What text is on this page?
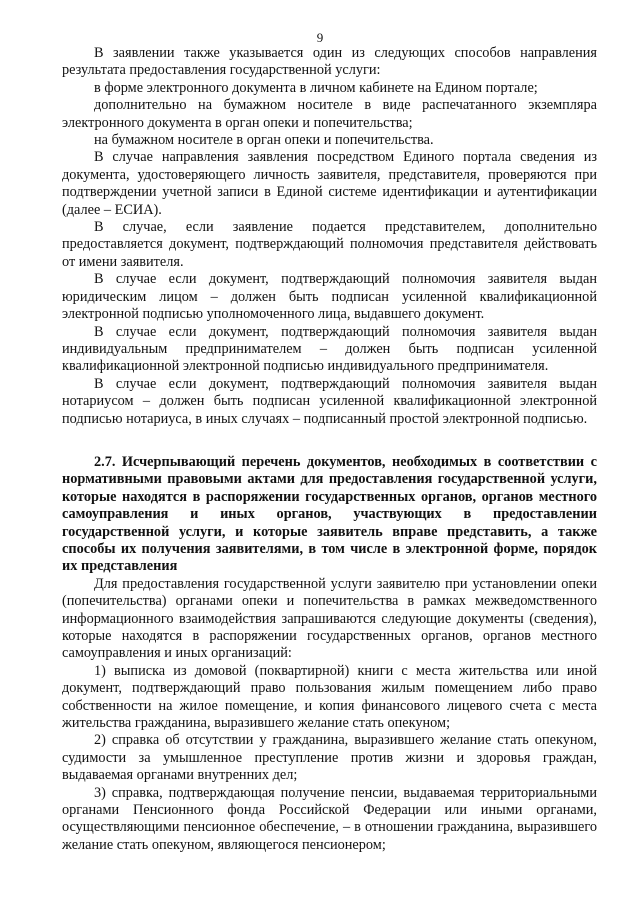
9

В заявлении также указывается один из следующих способов направления результата предоставления государственной услуги:

в форме электронного документа в личном кабинете на Едином портале;

дополнительно на бумажном носителе в виде распечатанного экземпляра электронного документа в орган опеки и попечительства;

на бумажном носителе в орган опеки и попечительства.

В случае направления заявления посредством Единого портала сведения из документа, удостоверяющего личность заявителя, представителя, проверяются при подтверждении учетной записи в Единой системе идентификации и аутентификации (далее – ЕСИА).

В случае, если заявление подается представителем, дополнительно предоставляется документ, подтверждающий полномочия представителя действовать от имени заявителя.

В случае если документ, подтверждающий полномочия заявителя выдан юридическим лицом – должен быть подписан усиленной квалификационной электронной подписью уполномоченного лица, выдавшего документ.

В случае если документ, подтверждающий полномочия заявителя выдан индивидуальным предпринимателем – должен быть подписан усиленной квалификационной электронной подписью индивидуального предпринимателя.

В случае если документ, подтверждающий полномочия заявителя выдан нотариусом – должен быть подписан усиленной квалификационной электронной подписью нотариуса, в иных случаях – подписанный простой электронной подписью.

2.7. Исчерпывающий перечень документов, необходимых в соответствии с нормативными правовыми актами для предоставления государственной услуги, которые находятся в распоряжении государственных органов, органов местного самоуправления и иных органов, участвующих в предоставлении государственной услуги, и которые заявитель вправе представить, а также способы их получения заявителями, в том числе в электронной форме, порядок их представления

Для предоставления государственной услуги заявителю при установлении опеки (попечительства) органами опеки и попечительства в рамках межведомственного информационного взаимодействия запрашиваются следующие документы (сведения), которые находятся в распоряжении государственных органов, органов местного самоуправления и иных организаций:

1) выписка из домовой (поквартирной) книги с места жительства или иной документ, подтверждающий право пользования жилым помещением либо право собственности на жилое помещение, и копия финансового лицевого счета с места жительства гражданина, выразившего желание стать опекуном;

2) справка об отсутствии у гражданина, выразившего желание стать опекуном, судимости за умышленное преступление против жизни и здоровья граждан, выдаваемая органами внутренних дел;

3) справка, подтверждающая получение пенсии, выдаваемая территориальными органами Пенсионного фонда Российской Федерации или иными органами, осуществляющими пенсионное обеспечение, – в отношении гражданина, выразившего желание стать опекуном, являющегося пенсионером;
